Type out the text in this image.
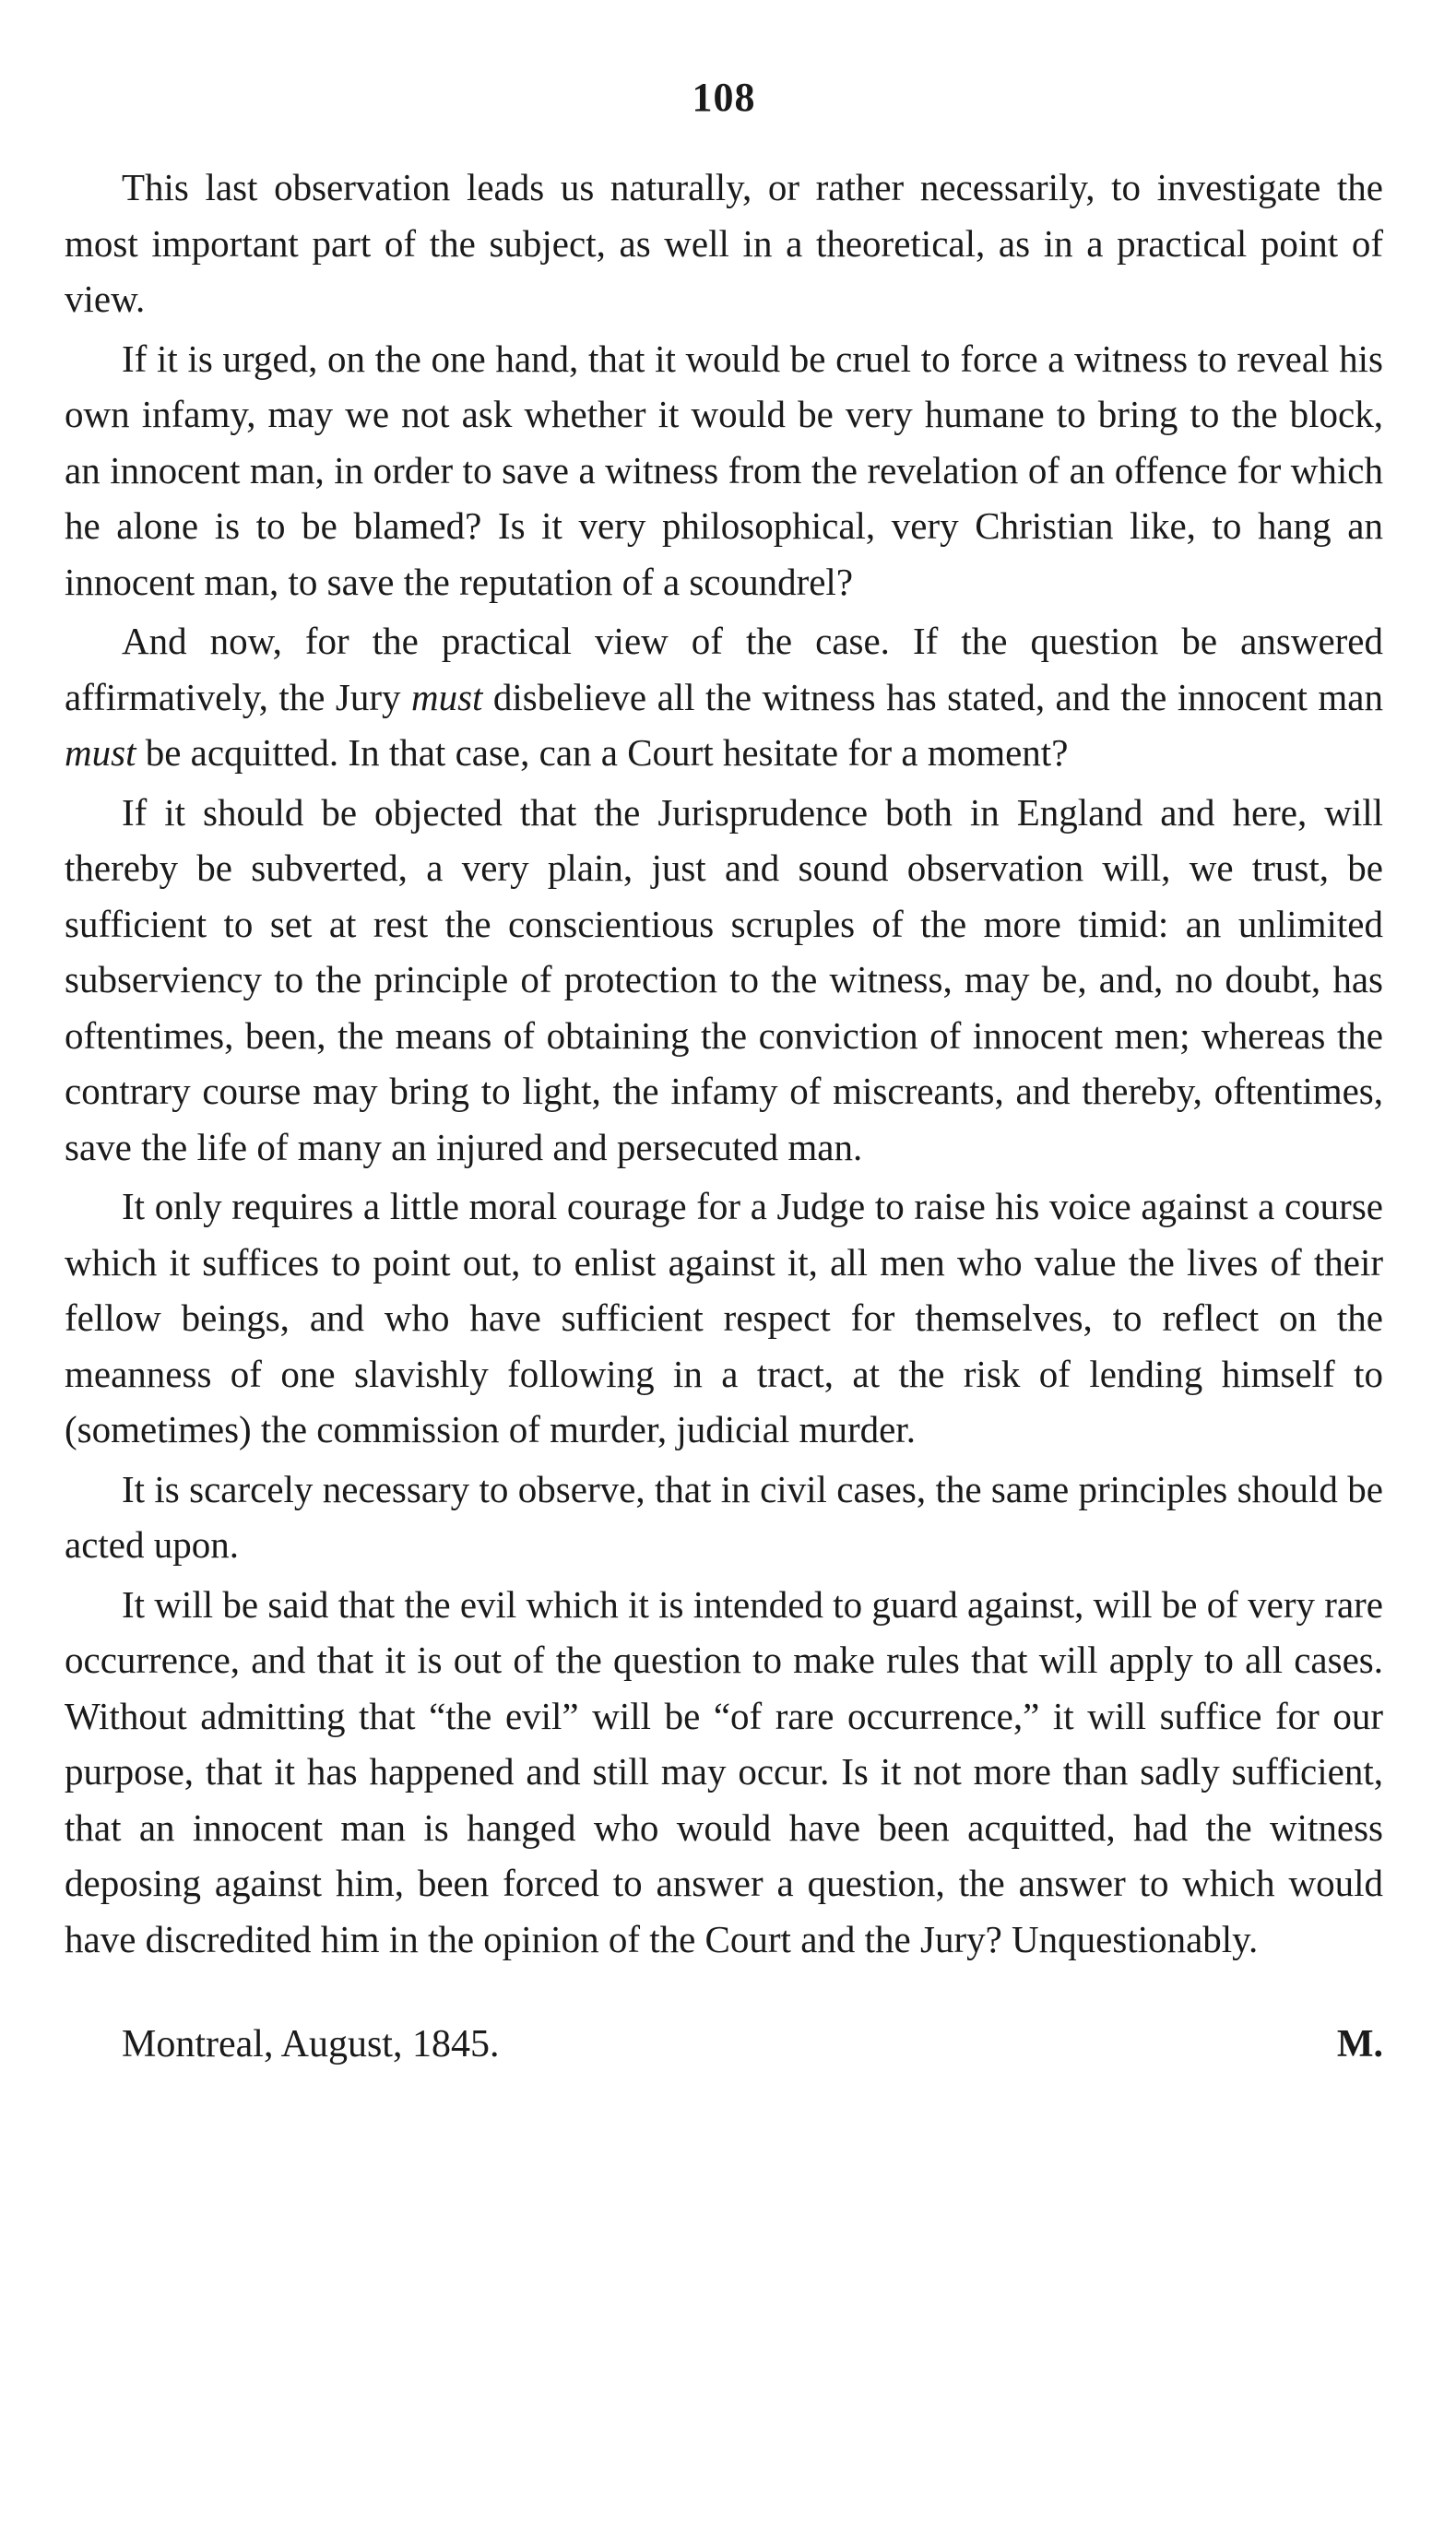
108

This last observation leads us naturally, or rather necessarily, to investigate the most important part of the subject, as well in a theoretical, as in a practical point of view.

If it is urged, on the one hand, that it would be cruel to force a witness to reveal his own infamy, may we not ask whether it would be very humane to bring to the block, an innocent man, in order to save a witness from the revelation of an offence for which he alone is to be blamed? Is it very philosophical, very Christian like, to hang an innocent man, to save the reputation of a scoundrel?

And now, for the practical view of the case. If the question be answered affirmatively, the Jury must disbelieve all the witness has stated, and the innocent man must be acquitted. In that case, can a Court hesitate for a moment?

If it should be objected that the Jurisprudence both in England and here, will thereby be subverted, a very plain, just and sound observation will, we trust, be sufficient to set at rest the conscientious scruples of the more timid: an unlimited subserviency to the principle of protection to the witness, may be, and, no doubt, has oftentimes, been, the means of obtaining the conviction of innocent men; whereas the contrary course may bring to light, the infamy of miscreants, and thereby, oftentimes, save the life of many an injured and persecuted man.

It only requires a little moral courage for a Judge to raise his voice against a course which it suffices to point out, to enlist against it, all men who value the lives of their fellow beings, and who have sufficient respect for themselves, to reflect on the meanness of one slavishly following in a tract, at the risk of lending himself to (sometimes) the commission of murder, judicial murder.

It is scarcely necessary to observe, that in civil cases, the same principles should be acted upon.

It will be said that the evil which it is intended to guard against, will be of very rare occurrence, and that it is out of the question to make rules that will apply to all cases. Without admitting that “the evil” will be “of rare occurrence,” it will suffice for our purpose, that it has happened and still may occur. Is it not more than sadly sufficient, that an innocent man is hanged who would have been acquitted, had the witness deposing against him, been forced to answer a question, the answer to which would have discredited him in the opinion of the Court and the Jury? Unquestionably.

Montreal, August, 1845.	M.
